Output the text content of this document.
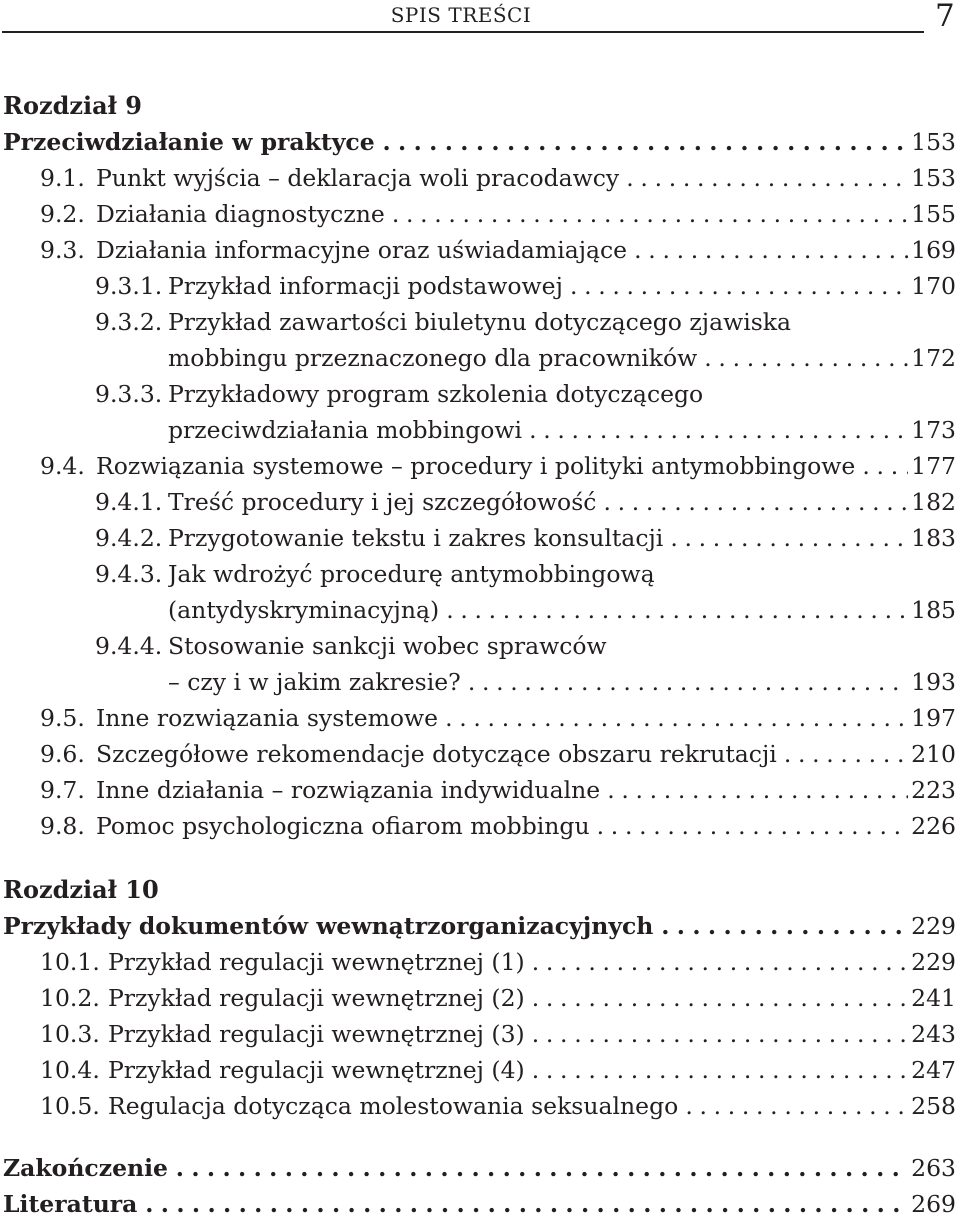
SPIS TREŚCI	7
Rozdział 9
Przeciwdziałanie w praktyce . . .	153
9.1. Punkt wyjścia – deklaracja woli pracodawcy . . .	153
9.2. Działania diagnostyczne . . .	155
9.3. Działania informacyjne oraz uświadamiające . . .	169
9.3.1. Przykład informacji podstawowej . . .	170
9.3.2. Przykład zawartości biuletynu dotyczącego zjawiska
mobbingu przeznaczonego dla pracowników . . .	172
9.3.3. Przykładowy program szkolenia dotyczącego
przeciwdziałania mobbingowi . . .	173
9.4. Rozwiązania systemowe – procedury i polityki antymobbingowe . . .	177
9.4.1. Treść procedury i jej szczegółowość . . .	182
9.4.2. Przygotowanie tekstu i zakres konsultacji . . .	183
9.4.3. Jak wdrożyć procedurę antymobbingową
(antydyskryminacyjną) . . .	185
9.4.4. Stosowanie sankcji wobec sprawców
– czy i w jakim zakresie? . . .	193
9.5. Inne rozwiązania systemowe . . .	197
9.6. Szczegółowe rekomendacje dotyczące obszaru rekrutacji . . .	210
9.7. Inne działania – rozwiązania indywidualne . . .	223
9.8. Pomoc psychologiczna ofiarom mobbingu . . .	226
Rozdział 10
Przykłady dokumentów wewnątrzorganizacyjnych . . .	229
10.1. Przykład regulacji wewnętrznej (1) . . .	229
10.2. Przykład regulacji wewnętrznej (2) . . .	241
10.3. Przykład regulacji wewnętrznej (3) . . .	243
10.4. Przykład regulacji wewnętrznej (4) . . .	247
10.5. Regulacja dotycząca molestowania seksualnego . . .	258
Zakończenie . . .	263
Literatura . . .	269
